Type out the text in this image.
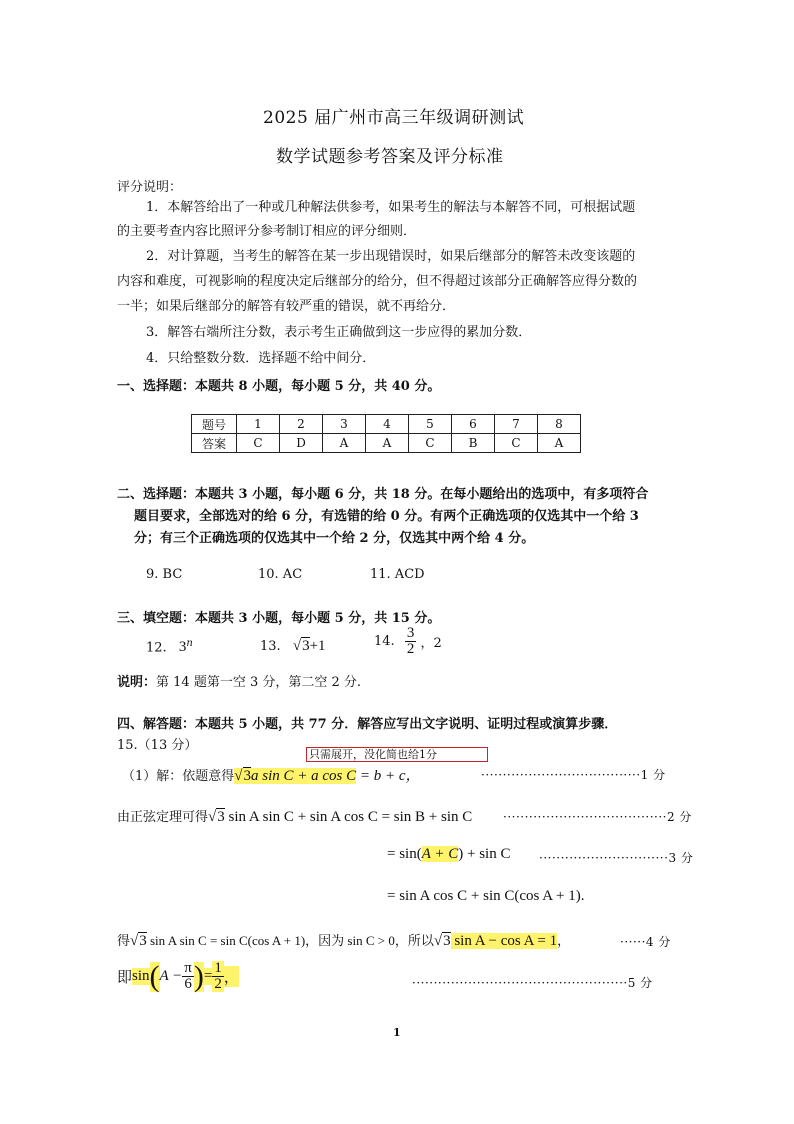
2025 届广州市高三年级调研测试
数学试题参考答案及评分标准
评分说明：
1．本解答给出了一种或几种解法供参考，如果考生的解法与本解答不同，可根据试题
的主要考查内容比照评分参考制订相应的评分细则．
2．对计算题，当考生的解答在某一步出现错误时，如果后继部分的解答未改变该题的
内容和难度，可视影响的程度决定后继部分的给分，但不得超过该部分正确解答应得分数的
一半；如果后继部分的解答有较严重的错误，就不再给分．
3．解答右端所注分数，表示考生正确做到这一步应得的累加分数．
4．只给整数分数．选择题不给中间分．
一、选择题：本题共 8 小题，每小题 5 分，共 40 分。
题号	1	2	3	4	5	6	7	8
答案	C	D	A	A	C	B	C	A
二、选择题：本题共 3 小题，每小题 6 分，共 18 分。在每小题给出的选项中，有多项符合
题目要求，全部选对的给 6 分，有选错的给 0 分。有两个正确选项的仅选其中一个给 3
分；有三个正确选项的仅选其中一个给 2 分，仅选其中两个给 4 分。
9. BC	10. AC	11. ACD
三、填空题：本题共 3 小题，每小题 5 分，共 15 分。
12. 3$^n$	13. √3+1	14. $\frac{3}{2}$ ，2
说明：第 14 题第一空 3 分，第二空 2 分.
四、解答题：本题共 5 小题，共 77 分．解答应写出文字说明、证明过程或演算步骤．
15.（13 分）
只需展开，没化简也给1分
（1）解：依题意得√3a sin C + a cos C = b + c，	·····································1 分
由正弦定理可得√3 sin A sin C + sin A cos C = sin B + sin C	······································2 分
= sin(A + C) + sin C ······························3 分
= sin A cos C + sin C(cos A + 1).
得√3 sin A sin C = sin C(cos A + 1)，因为 sin C > 0，所以√3 sin A − cos A = 1，	······4 分
即$\sin(A - \frac{\pi}{6}$ )= $\frac{1}{2}$ ，	··················································5 分
1
